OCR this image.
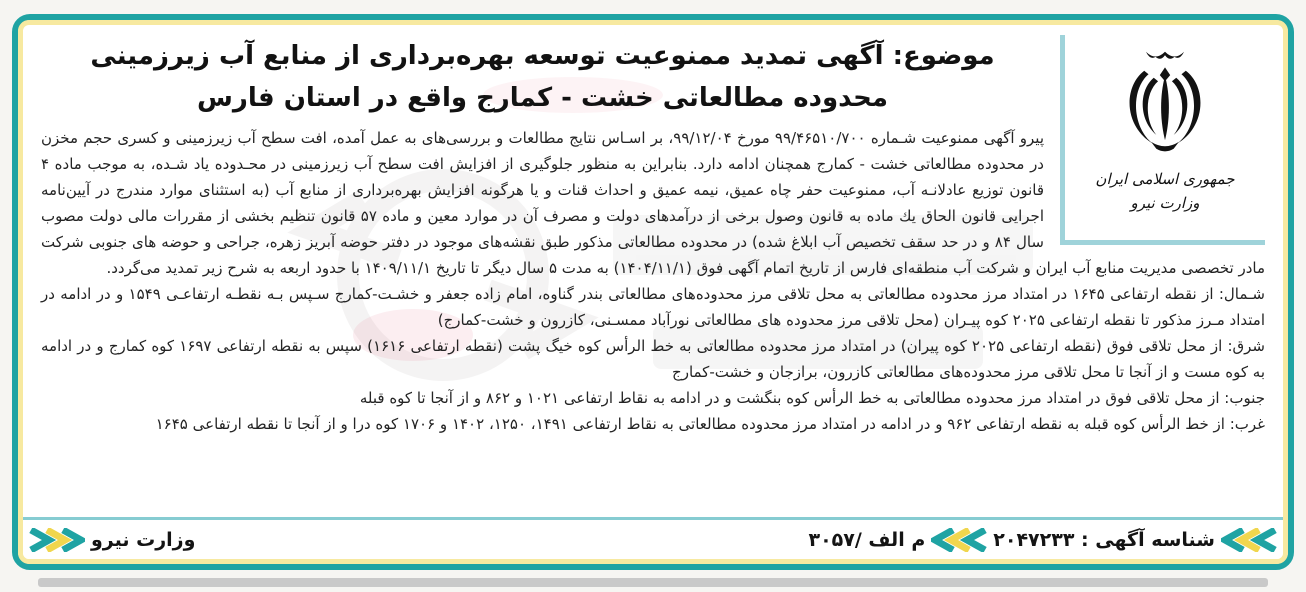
جمهوری اسلامی ایران
وزارت نیرو
موضوع: آگهی تمدید ممنوعیت توسعه بهره‌برداری از منابع آب زیرزمینی
محدوده مطالعاتی خشت - کمارج واقع در استان فارس

پیرو آگهی ممنوعیت شـماره ۹۹/۴۶۵۱۰/۷۰۰ مورخ ۹۹/۱۲/۰۴، بر اسـاس نتایج مطالعات و بررسی‌های به عمل آمده، افت سطح آب زیرزمینی و کسری حجم مخزن در محدوده مطالعاتی خشت - کمارج همچنان ادامه دارد. بنابراین به منظور جلوگیری از افزایش افت سطح آب زیرزمینی در محـدوده یاد شـده، به موجب ماده ۴ قانون توزیع عادلانـه آب، ممنوعیت حفر چاه عمیق، نیمه عمیق و احداث قنات و یا هرگونه افزایش بهره‌برداری از منابع آب (به استثنای موارد مندرج در آیین‌نامه اجرایی قانون الحاق یك ماده به قانون وصول برخی از درآمدهای دولت و مصرف آن در موارد معین و ماده ۵۷ قانون تنظیم بخشی از مقررات مالی دولت مصوب سال ۸۴ و در حد سقف تخصیص آب ابلاغ شده) در محدوده مطالعاتی مذکور طبق نقشه‌های موجود در دفتر حوضه آبریز زهره، جراحی و حوضه های جنوبی شرکت مادر تخصصی مدیریت منابع آب ایران و شرکت آب منطقه‌ای فارس از تاریخ اتمام آگهی فوق (۱۴۰۴/۱۱/۱) به مدت ۵ سال دیگر تا تاریخ ۱۴۰۹/۱۱/۱ با حدود اربعه به شرح زیر تمدید می‌گردد.

شـمال: از نقطه ارتفاعی ۱۶۴۵ در امتداد مرز محدوده مطالعاتی به محل تلاقی مرز محدوده‌های مطالعاتی بندر گناوه، امام زاده جعفر و خشـت-کمارج سـپس بـه نقطـه ارتفاعـی ۱۵۴۹ و در ادامه در امتداد مـرز مذکور تا نقطه ارتفاعی ۲۰۲۵ کوه پیـران (محل تلاقی مرز محدوده های مطالعاتی نورآباد ممسـنی، کازرون و خشت-کمارج)

شرق: از محل تلاقی فوق (نقطه ارتفاعی ۲۰۲۵ کوه پیران) در امتداد مرز محدوده مطالعاتی به خط الرأس کوه خیگ پشت (نقطه ارتفاعی ۱۶۱۶) سپس به نقطه ارتفاعی ۱۶۹۷ کوه کمارج و در ادامه به کوه مست و از آنجا تا محل تلاقی مرز محدوده‌های مطالعاتی کازرون، برازجان و خشت-کمارج

جنوب: از محل تلاقی فوق در امتداد مرز محدوده مطالعاتی به خط الرأس کوه بنگشت و در ادامه به نقاط ارتفاعی ۱۰۲۱ و ۸۶۲ و از آنجا تا کوه قبله

غرب: از خط الرأس کوه قبله به نقطه ارتفاعی ۹۶۲ و در ادامه در امتداد مرز محدوده مطالعاتی به نقاط ارتفاعی ۱۴۹۱، ۱۲۵۰، ۱۴۰۲ و ۱۷۰۶ کوه درا و از آنجا تا نقطه ارتفاعی ۱۶۴۵

شناسه آگهی : ۲۰۴۷۲۳۳
م الف /۳۰۵۷
وزارت نیرو
